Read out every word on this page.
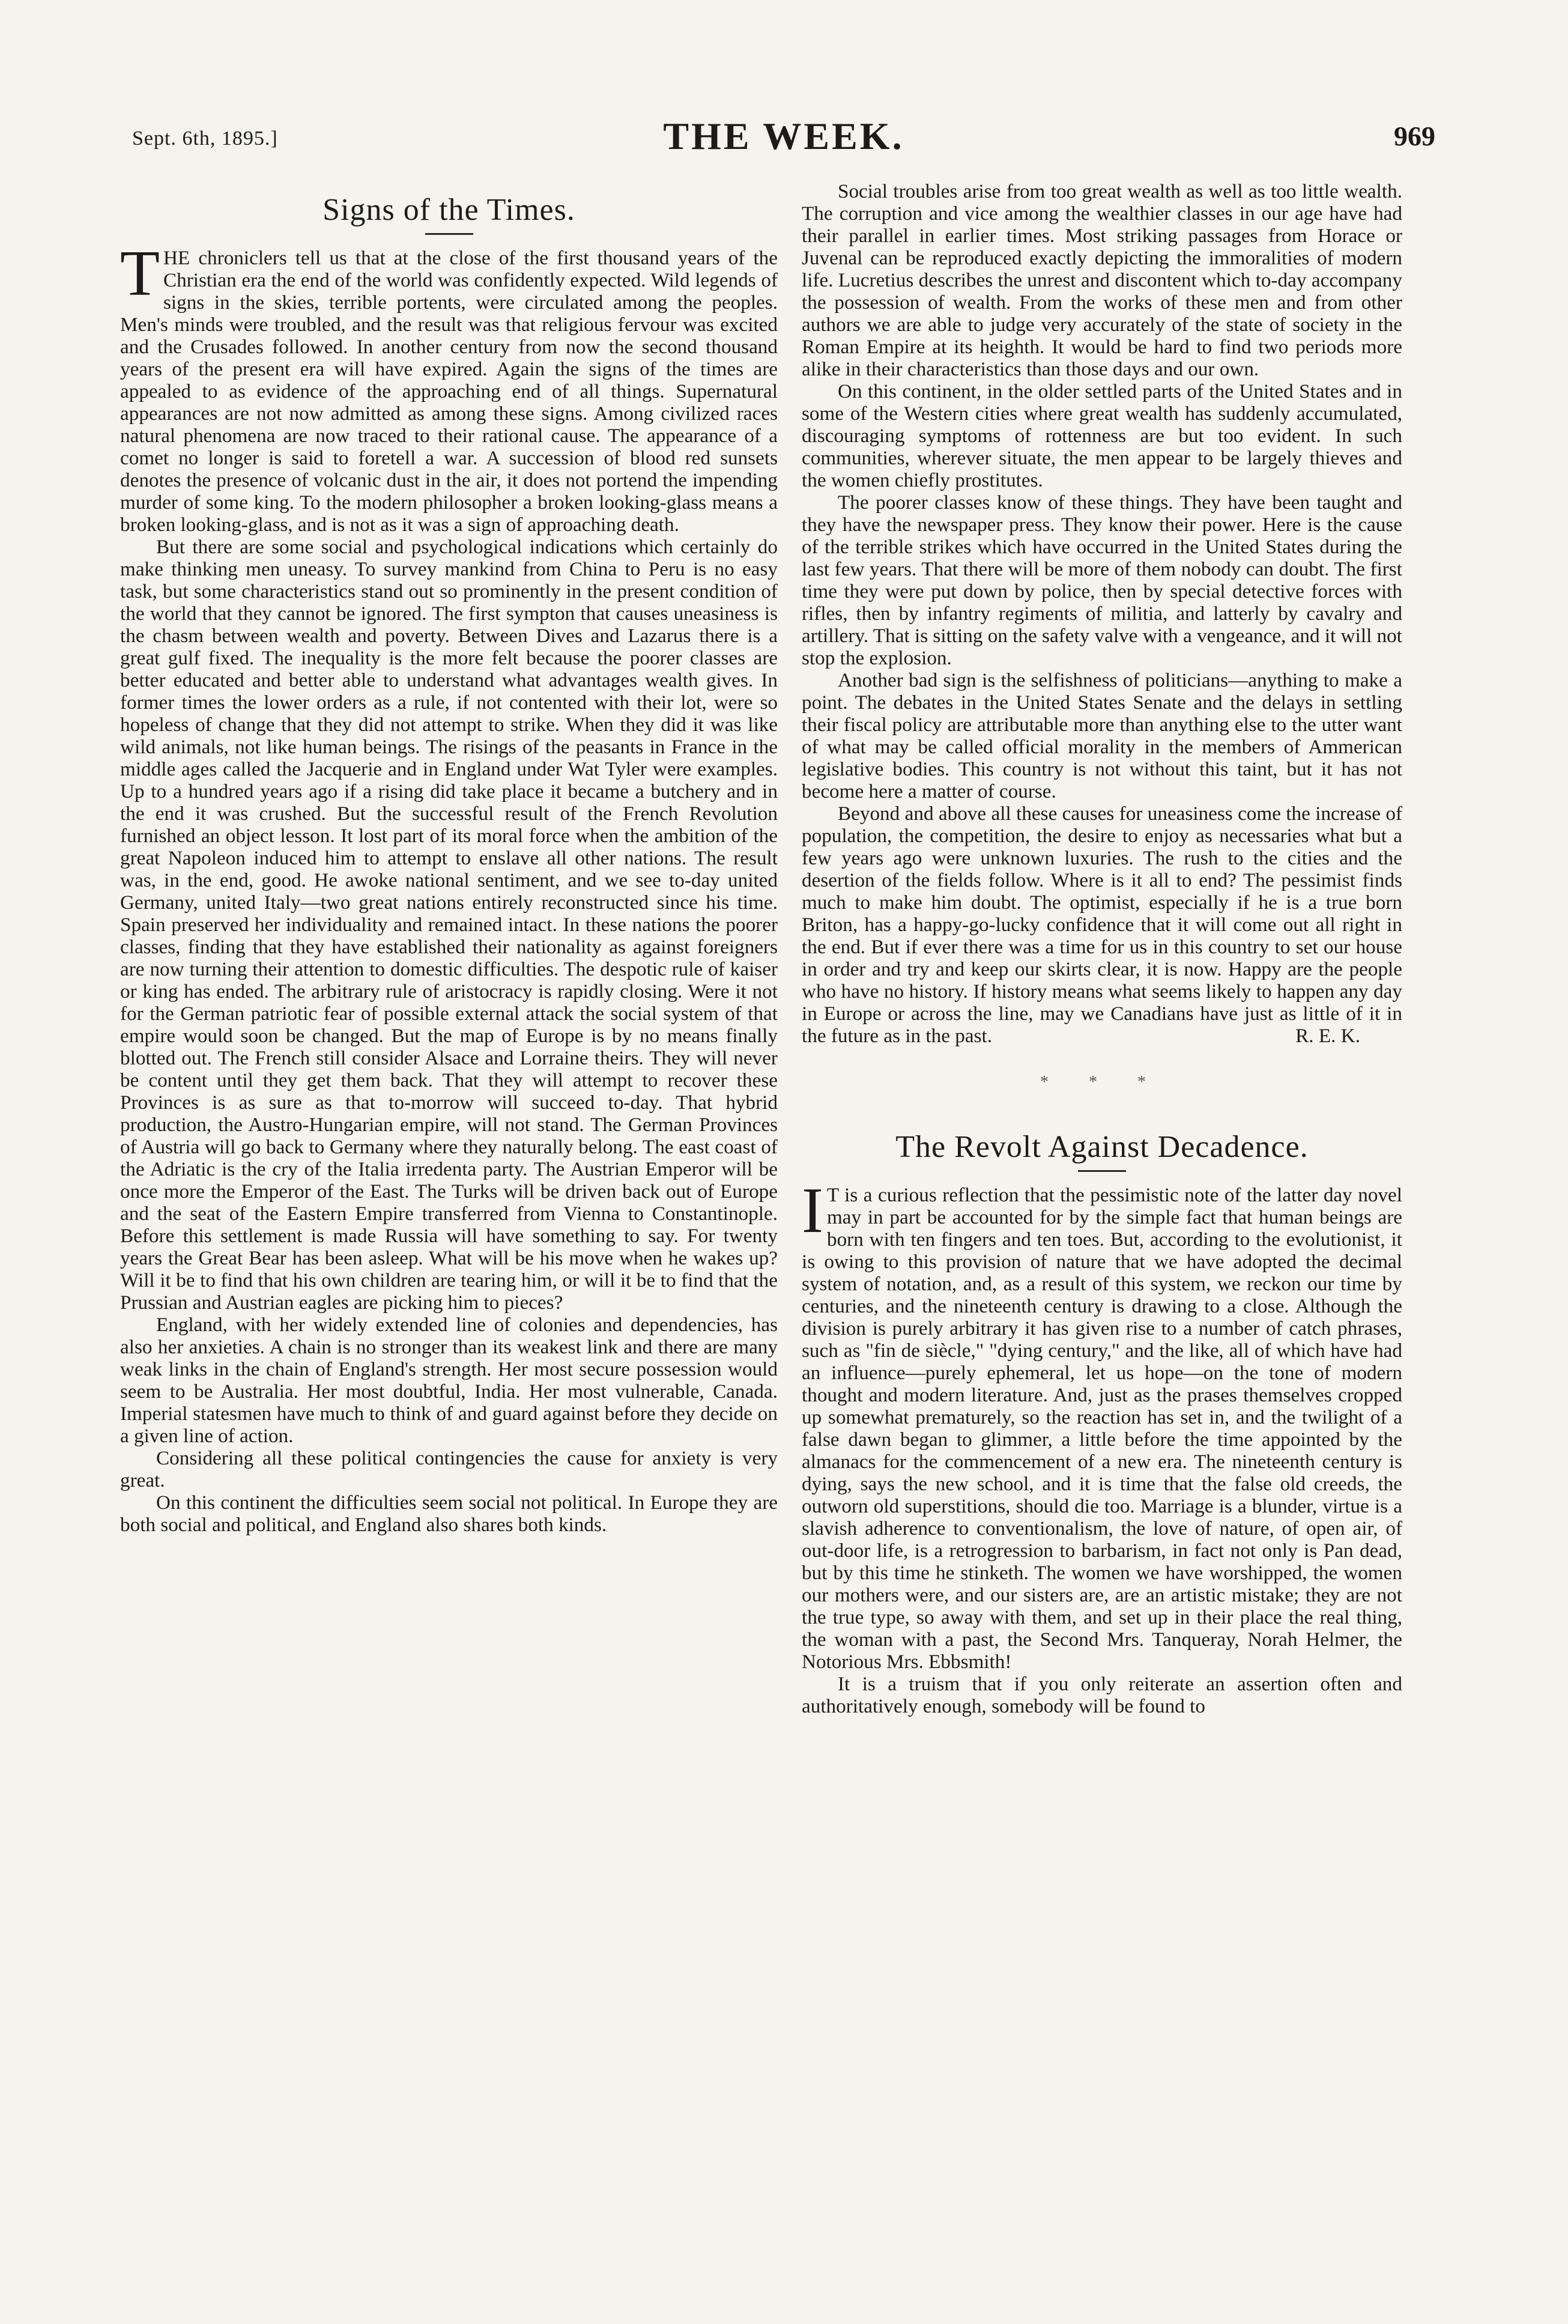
Sept. 6th, 1895.]	THE WEEK.	969
Signs of the Times.

THE chroniclers tell us that at the close of the first thousand years of the Christian era the end of the world was confidently expected. Wild legends of signs in the skies, terrible portents, were circulated among the peoples. Men's minds were troubled, and the result was that religious fervour was excited and the Crusades followed. In another century from now the second thousand years of the present era will have expired. Again the signs of the times are appealed to as evidence of the approaching end of all things. Supernatural appearances are not now admitted as among these signs. Among civilized races natural phenomena are now traced to their rational cause. The appearance of a comet no longer is said to foretell a war. A succession of blood red sunsets denotes the presence of volcanic dust in the air, it does not portend the impending murder of some king. To the modern philosopher a broken looking-glass means a broken looking-glass, and is not as it was a sign of approaching death.

But there are some social and psychological indications which certainly do make thinking men uneasy. To survey mankind from China to Peru is no easy task, but some characteristics stand out so prominently in the present condition of the world that they cannot be ignored. The first sympton that causes uneasiness is the chasm between wealth and poverty. Between Dives and Lazarus there is a great gulf fixed. The inequality is the more felt because the poorer classes are better educated and better able to understand what advantages wealth gives. In former times the lower orders as a rule, if not contented with their lot, were so hopeless of change that they did not attempt to strike. When they did it was like wild animals, not like human beings. The risings of the peasants in France in the middle ages called the Jacquerie and in England under Wat Tyler were examples. Up to a hundred years ago if a rising did take place it became a butchery and in the end it was crushed. But the successful result of the French Revolution furnished an object lesson. It lost part of its moral force when the ambition of the great Napoleon induced him to attempt to enslave all other nations. The result was, in the end, good. He awoke national sentiment, and we see to-day united Germany, united Italy—two great nations entirely reconstructed since his time. Spain preserved her individuality and remained intact. In these nations the poorer classes, finding that they have established their nationality as against foreigners are now turning their attention to domestic difficulties. The despotic rule of kaiser or king has ended. The arbitrary rule of aristocracy is rapidly closing. Were it not for the German patriotic fear of possible external attack the social system of that empire would soon be changed. But the map of Europe is by no means finally blotted out. The French still consider Alsace and Lorraine theirs. They will never be content until they get them back. That they will attempt to recover these Provinces is as sure as that to-morrow will succeed to-day. That hybrid production, the Austro-Hungarian empire, will not stand. The German Provinces of Austria will go back to Germany where they naturally belong. The east coast of the Adriatic is the cry of the Italia irredenta party. The Austrian Emperor will be once more the Emperor of the East. The Turks will be driven back out of Europe and the seat of the Eastern Empire transferred from Vienna to Constantinople. Before this settlement is made Russia will have something to say. For twenty years the Great Bear has been asleep. What will be his move when he wakes up? Will it be to find that his own children are tearing him, or will it be to find that the Prussian and Austrian eagles are picking him to pieces?

England, with her widely extended line of colonies and dependencies, has also her anxieties. A chain is no stronger than its weakest link and there are many weak links in the chain of England's strength. Her most secure possession would seem to be Australia. Her most doubtful, India. Her most vulnerable, Canada. Imperial statesmen have much to think of and guard against before they decide on a given line of action.

Considering all these political contingencies the cause for anxiety is very great.

On this continent the difficulties seem social not political. In Europe they are both social and political, and England also shares both kinds.

Social troubles arise from too great wealth as well as too little wealth. The corruption and vice among the wealthier classes in our age have had their parallel in earlier times. Most striking passages from Horace or Juvenal can be reproduced exactly depicting the immoralities of modern life. Lucretius describes the unrest and discontent which to-day accompany the possession of wealth. From the works of these men and from other authors we are able to judge very accurately of the state of society in the Roman Empire at its heighth. It would be hard to find two periods more alike in their characteristics than those days and our own.

On this continent, in the older settled parts of the United States and in some of the Western cities where great wealth has suddenly accumulated, discouraging symptoms of rottenness are but too evident. In such communities, wherever situate, the men appear to be largely thieves and the women chiefly prostitutes.

The poorer classes know of these things. They have been taught and they have the newspaper press. They know their power. Here is the cause of the terrible strikes which have occurred in the United States during the last few years. That there will be more of them nobody can doubt. The first time they were put down by police, then by special detective forces with rifles, then by infantry regiments of militia, and latterly by cavalry and artillery. That is sitting on the safety valve with a vengeance, and it will not stop the explosion.

Another bad sign is the selfishness of politicians—anything to make a point. The debates in the United States Senate and the delays in settling their fiscal policy are attributable more than anything else to the utter want of what may be called official morality in the members of Ammerican legislative bodies. This country is not without this taint, but it has not become here a matter of course.

Beyond and above all these causes for uneasiness come the increase of population, the competition, the desire to enjoy as necessaries what but a few years ago were unknown luxuries. The rush to the cities and the desertion of the fields follow. Where is it all to end? The pessimist finds much to make him doubt. The optimist, especially if he is a true born Briton, has a happy-go-lucky confidence that it will come out all right in the end. But if ever there was a time for us in this country to set our house in order and try and keep our skirts clear, it is now. Happy are the people who have no history. If history means what seems likely to happen any day in Europe or across the line, may we Canadians have just as little of it in the future as in the past.	R. E. K.
* * *
The Revolt Against Decadence.

I T is a curious reflection that the pessimistic note of the latter day novel may in part be accounted for by the simple fact that human beings are born with ten fingers and ten toes. But, according to the evolutionist, it is owing to this provision of nature that we have adopted the decimal system of notation, and, as a result of this system, we reckon our time by centuries, and the nineteenth century is drawing to a close. Although the division is purely arbitrary it has given rise to a number of catch phrases, such as "fin de siècle," "dying century," and the like, all of which have had an influence—purely ephemeral, let us hope—on the tone of modern thought and modern literature. And, just as the prases themselves cropped up somewhat prematurely, so the reaction has set in, and the twilight of a false dawn began to glimmer, a little before the time appointed by the almanacs for the commencement of a new era. The nineteenth century is dying, says the new school, and it is time that the false old creeds, the outworn old superstitions, should die too. Marriage is a blunder, virtue is a slavish adherence to conventionalism, the love of nature, of open air, of out-door life, is a retrogression to barbarism, in fact not only is Pan dead, but by this time he stinketh. The women we have worshipped, the women our mothers were, and our sisters are, are an artistic mistake; they are not the true type, so away with them, and set up in their place the real thing, the woman with a past, the Second Mrs. Tanqueray, Norah Helmer, the Notorious Mrs. Ebbsmith!

It is a truism that if you only reiterate an assertion often and authoritatively enough, somebody will be found to
